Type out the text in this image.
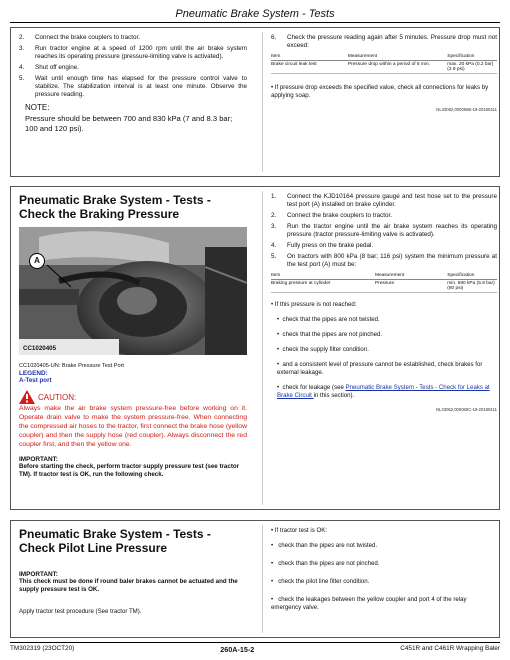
Pneumatic Brake System - Tests
2. Connect the brake couplers to tractor.
3. Run tractor engine at a speed of 1200 rpm until the air brake system reaches its operating pressure (pressure-limiting valve is activated).
4. Shut off engine.
5. Wait until enough time has elapsed for the pressure control valve to stabilize. The stabilization interval is at least one minute. Observe the pressure reading.
NOTE:
Pressure should be between 700 and 830 kPa (7 and 8.3 bar; 100 and 120 psi).
6. Check the pressure reading again after 5 minutes. Pressure drop must not exceed:
Item	Measurement	Specification
Brake circuit leak test	Pressure drop within a period of 5 min.	max. 20 kPa (0.2 bar) (2.9 psi)
• If pressure drop exceeds the specified value, check all connections for leaks by applying soap.
NL33062,000065B-19-20180411
Pneumatic Brake System - Tests - Check the Braking Pressure
A
CC1020405
CC1020405-UN: Brake Pressure Test Port
LEGEND:
A-Test port
CAUTION:
Always make the air brake system pressure-free before working on it. Operate drain valve to make the system pressure-free. When connecting the compressed air hoses to the tractor, first connect the brake hose (yellow coupler) and then the supply hose (red coupler). Always disconnect the red coupler first, and then the yellow one.
IMPORTANT:
Before starting the check, perform tractor supply pressure test (see tractor TM). If tractor test is OK, run the following check.
1. Connect the KJD10164 pressure gauge and test hose set to the pressure test port (A) installed on brake cylinder.
2. Connect the brake couplers to tractor.
3. Run the tractor engine until the air brake system reaches its operating pressure (tractor pressure-limiting valve is activated).
4. Fully press on the brake pedal.
5. On tractors with 800 kPa (8 bar; 116 psi) system the minimum pressure at the test port (A) must be:
Item	Measurement	Specification
Braking pressure at cylinder	Pressure	min. 580 kPa (5.8 bar) (80 psi)
• If this pressure is not reached:
•  check that the pipes are not twisted.
•  check that the pipes are not pinched.
•  check the supply filter condition.
•  and a consistent level of pressure cannot be established, check brakes for external leakage.
•  check for leakage (see Pneumatic Brake System - Tests - Check for Leaks at Brake Circuit in this section).
NL33062,000065C-19-20180411
Pneumatic Brake System - Tests - Check Pilot Line Pressure
IMPORTANT:
This check must be done if round baler brakes cannot be actuated and the supply pressure test is OK.
Apply tractor test procedure (See tractor TM).
• If tractor test is OK:
•   check than the pipes are not twisted.
•   check than the pipes are not pinched.
•   check the pilot line filter condition.
•   check the leakages between the yellow coupler and port 4 of the relay emergency valve.
TM302319 (23OCT20)	260A-15-2	C451R and C461R Wrapping Baler
